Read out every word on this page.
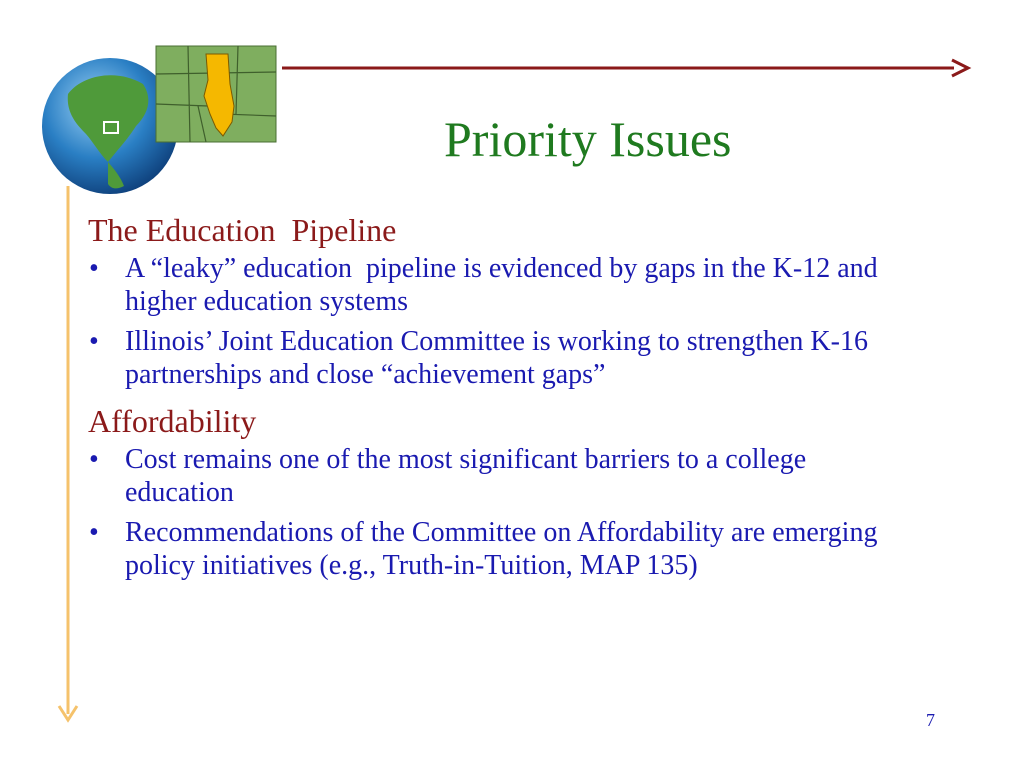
Priority Issues
The Education  Pipeline
• A “leaky” education  pipeline is evidenced by gaps in the K-12 and higher education systems
• Illinois’ Joint Education Committee is working to strengthen K-16 partnerships and close “achievement gaps”
Affordability
• Cost remains one of the most significant barriers to a college education
• Recommendations of the Committee on Affordability are emerging policy initiatives (e.g., Truth-in-Tuition, MAP 135)
7
